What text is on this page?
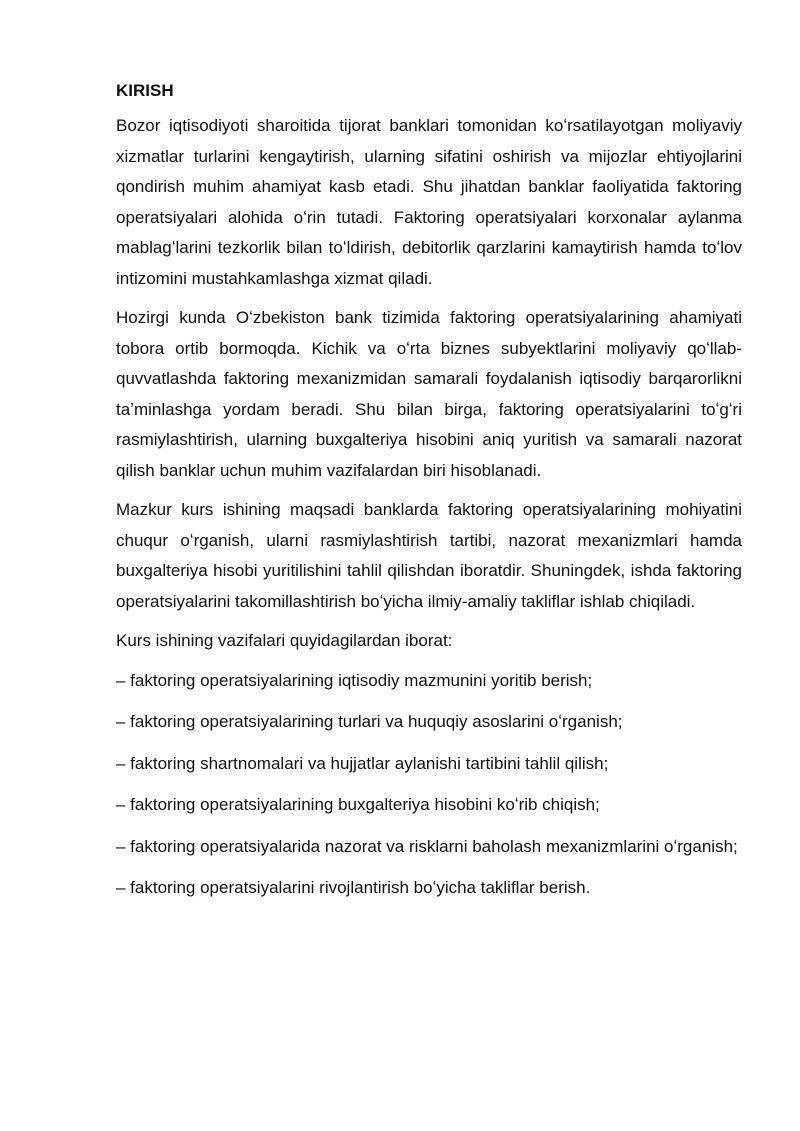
KIRISH

Bozor iqtisodiyoti sharoitida tijorat banklari tomonidan koʻrsatilayotgan moliyaviy xizmatlar turlarini kengaytirish, ularning sifatini oshirish va mijozlar ehtiyojlarini qondirish muhim ahamiyat kasb etadi. Shu jihatdan banklar faoliyatida faktoring operatsiyalari alohida oʻrin tutadi. Faktoring operatsiyalari korxonalar aylanma mablagʻlarini tezkorlik bilan toʻldirish, debitorlik qarzlarini kamaytirish hamda toʻlov intizomini mustahkamlashga xizmat qiladi.

Hozirgi kunda Oʻzbekiston bank tizimida faktoring operatsiyalarining ahamiyati tobora ortib bormoqda. Kichik va oʻrta biznes subyektlarini moliyaviy qoʻllab-quvvatlashda faktoring mexanizmidan samarali foydalanish iqtisodiy barqarorlikni taʼminlashga yordam beradi. Shu bilan birga, faktoring operatsiyalarini toʻgʻri rasmiylashtirish, ularning buxgalteriya hisobini aniq yuritish va samarali nazorat qilish banklar uchun muhim vazifalardan biri hisoblanadi.

Mazkur kurs ishining maqsadi banklarda faktoring operatsiyalarining mohiyatini chuqur oʻrganish, ularni rasmiylashtirish tartibi, nazorat mexanizmlari hamda buxgalteriya hisobi yuritilishini tahlil qilishdan iboratdir. Shuningdek, ishda faktoring operatsiyalarini takomillashtirish boʻyicha ilmiy-amaliy takliflar ishlab chiqiladi.

Kurs ishining vazifalari quyidagilardan iborat:

– faktoring operatsiyalarining iqtisodiy mazmunini yoritib berish;

– faktoring operatsiyalarining turlari va huquqiy asoslarini oʻrganish;

– faktoring shartnomalari va hujjatlar aylanishi tartibini tahlil qilish;

– faktoring operatsiyalarining buxgalteriya hisobini koʻrib chiqish;

– faktoring operatsiyalarida nazorat va risklarni baholash mexanizmlarini oʻrganish;

– faktoring operatsiyalarini rivojlantirish boʻyicha takliflar berish.
